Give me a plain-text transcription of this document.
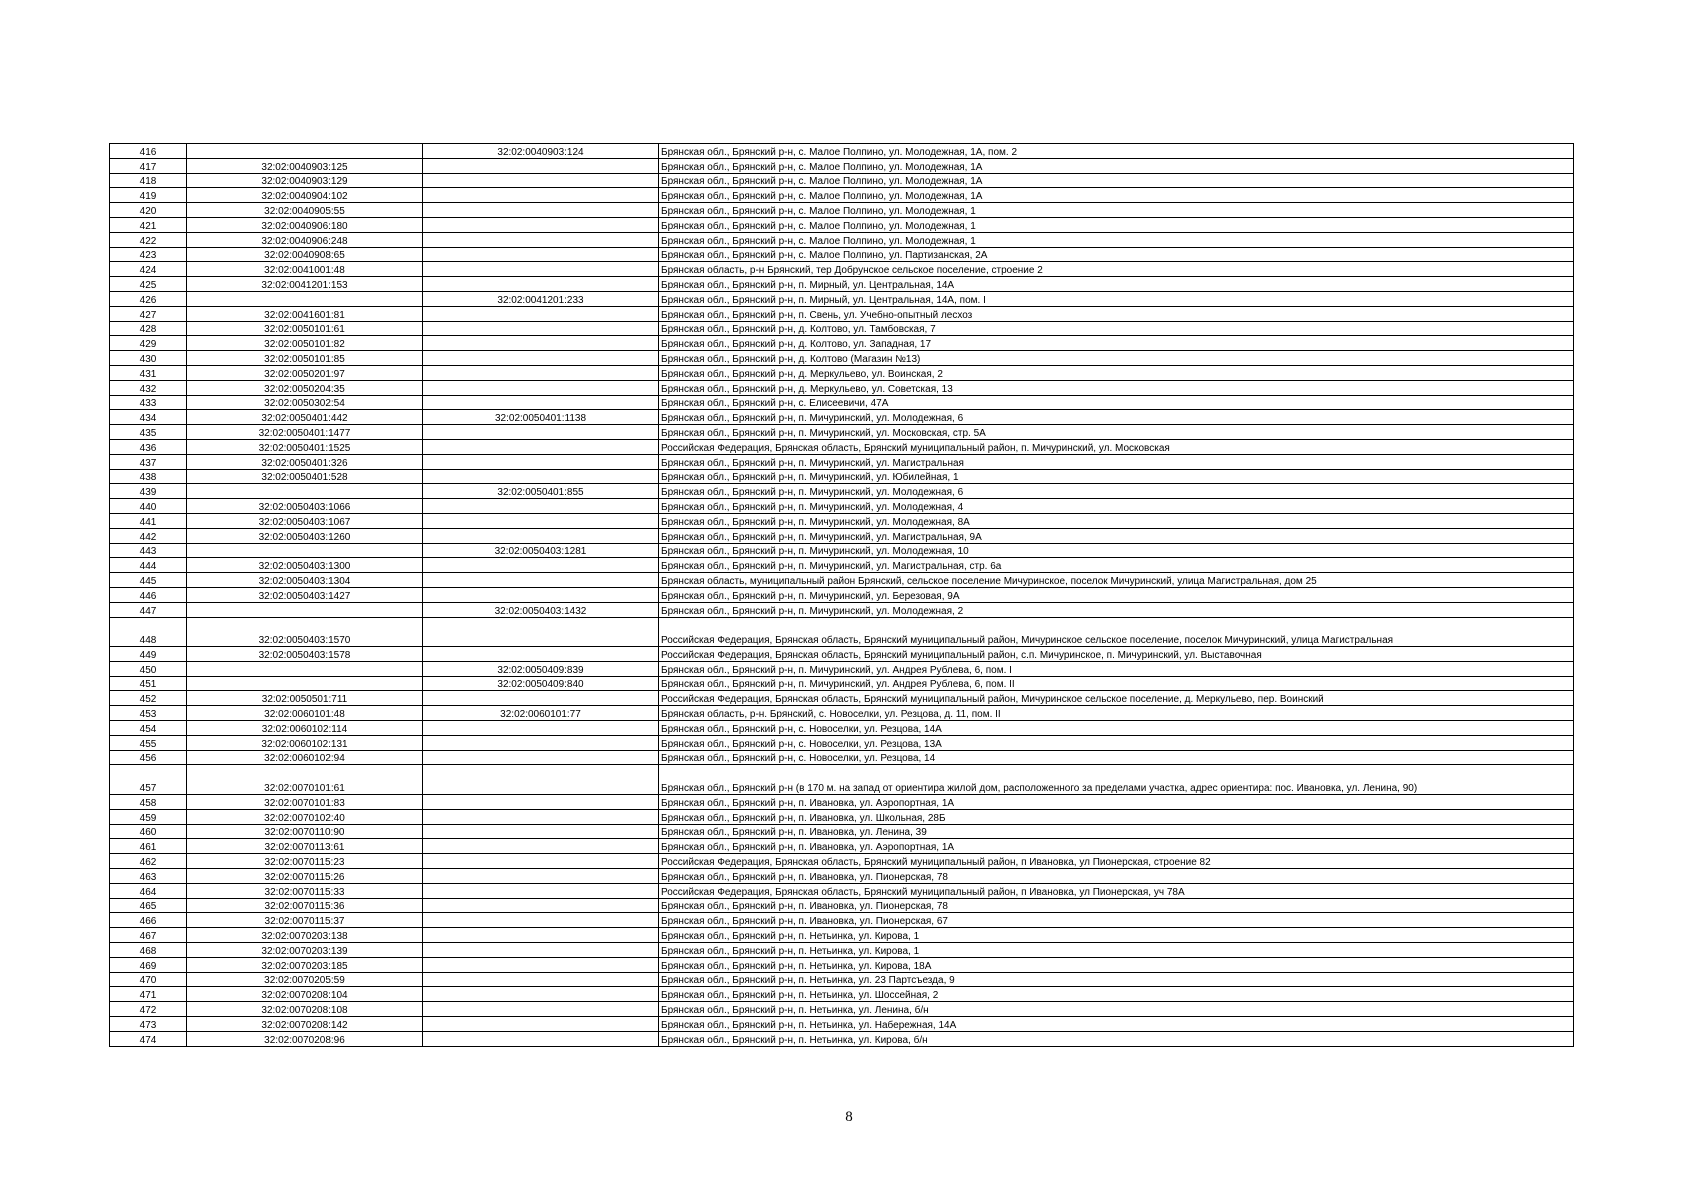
416		32:02:0040903:124	Брянская обл., Брянский р-н, с. Малое Полпино, ул. Молодежная, 1А, пом. 2
417	32:02:0040903:125		Брянская обл., Брянский р-н, с. Малое Полпино, ул. Молодежная, 1А
418	32:02:0040903:129		Брянская обл., Брянский р-н, с. Малое Полпино, ул. Молодежная, 1А
419	32:02:0040904:102		Брянская обл., Брянский р-н, с. Малое Полпино, ул. Молодежная, 1А
420	32:02:0040905:55		Брянская обл., Брянский р-н, с. Малое Полпино, ул. Молодежная, 1
421	32:02:0040906:180		Брянская обл., Брянский р-н, с. Малое Полпино, ул. Молодежная, 1
422	32:02:0040906:248		Брянская обл., Брянский р-н, с. Малое Полпино, ул. Молодежная, 1
423	32:02:0040908:65		Брянская обл., Брянский р-н, с. Малое Полпино, ул. Партизанская, 2А
424	32:02:0041001:48		Брянская область, р-н Брянский, тер Добрунское сельское поселение, строение 2
425	32:02:0041201:153		Брянская обл., Брянский р-н, п. Мирный, ул. Центральная, 14А
426		32:02:0041201:233	Брянская обл., Брянский р-н, п. Мирный, ул. Центральная, 14А, пом. I
427	32:02:0041601:81		Брянская обл., Брянский р-н, п. Свень, ул. Учебно-опытный лесхоз
428	32:02:0050101:61		Брянская обл., Брянский р-н, д. Колтово, ул. Тамбовская, 7
429	32:02:0050101:82		Брянская обл., Брянский р-н, д. Колтово, ул. Западная, 17
430	32:02:0050101:85		Брянская обл., Брянский р-н, д. Колтово (Магазин №13)
431	32:02:0050201:97		Брянская обл., Брянский р-н, д. Меркульево, ул. Воинская, 2
432	32:02:0050204:35		Брянская обл., Брянский р-н, д. Меркульево, ул. Советская, 13
433	32:02:0050302:54		Брянская обл., Брянский р-н, с. Елисеевичи, 47А
434	32:02:0050401:442	32:02:0050401:1138	Брянская обл., Брянский р-н, п. Мичуринский, ул. Молодежная, 6
435	32:02:0050401:1477		Брянская обл., Брянский р-н, п. Мичуринский, ул. Московская, стр. 5А
436	32:02:0050401:1525		Российская Федерация, Брянская область, Брянский муниципальный район, п. Мичуринский, ул. Московская
437	32:02:0050401:326		Брянская обл., Брянский р-н, п. Мичуринский, ул. Магистральная
438	32:02:0050401:528		Брянская обл., Брянский р-н, п. Мичуринский, ул. Юбилейная, 1
439		32:02:0050401:855	Брянская обл., Брянский р-н, п. Мичуринский, ул. Молодежная, 6
440	32:02:0050403:1066		Брянская обл., Брянский р-н, п. Мичуринский, ул. Молодежная, 4
441	32:02:0050403:1067		Брянская обл., Брянский р-н, п. Мичуринский, ул. Молодежная, 8А
442	32:02:0050403:1260		Брянская обл., Брянский р-н, п. Мичуринский, ул. Магистральная, 9А
443		32:02:0050403:1281	Брянская обл., Брянский р-н, п. Мичуринский, ул. Молодежная, 10
444	32:02:0050403:1300		Брянская обл., Брянский р-н, п. Мичуринский, ул. Магистральная, стр. 6а
445	32:02:0050403:1304		Брянская область, муниципальный район Брянский, сельское поселение Мичуринское, поселок Мичуринский, улица Магистральная, дом 25
446	32:02:0050403:1427		Брянская обл., Брянский р-н, п. Мичуринский, ул. Березовая, 9А
447		32:02:0050403:1432	Брянская обл., Брянский р-н, п. Мичуринский, ул. Молодежная, 2
448	32:02:0050403:1570		Российская Федерация, Брянская область, Брянский муниципальный район, Мичуринское сельское поселение, поселок Мичуринский, улица Магистральная
449	32:02:0050403:1578		Российская Федерация, Брянская область, Брянский муниципальный район, с.п. Мичуринское, п. Мичуринский, ул. Выставочная
450		32:02:0050409:839	Брянская обл., Брянский р-н, п. Мичуринский, ул. Андрея Рублева, 6, пом. I
451		32:02:0050409:840	Брянская обл., Брянский р-н, п. Мичуринский, ул. Андрея Рублева, 6, пом. II
452	32:02:0050501:711		Российская Федерация, Брянская область, Брянский муниципальный район, Мичуринское сельское поселение, д. Меркульево, пер. Воинский
453	32:02:0060101:48	32:02:0060101:77	Брянская область, р-н. Брянский, с. Новоселки, ул. Резцова, д. 11, пом. II
454	32:02:0060102:114		Брянская обл., Брянский р-н, с. Новоселки, ул. Резцова, 14А
455	32:02:0060102:131		Брянская обл., Брянский р-н, с. Новоселки, ул. Резцова, 13А
456	32:02:0060102:94		Брянская обл., Брянский р-н, с. Новоселки, ул. Резцова, 14
457	32:02:0070101:61		Брянская обл., Брянский р-н (в 170 м. на запад от ориентира жилой дом, расположенного за пределами участка, адрес ориентира: пос. Ивановка, ул. Ленина, 90)
458	32:02:0070101:83		Брянская обл., Брянский р-н, п. Ивановка, ул. Аэропортная, 1А
459	32:02:0070102:40		Брянская обл., Брянский р-н, п. Ивановка, ул. Школьная, 28Б
460	32:02:0070110:90		Брянская обл., Брянский р-н, п. Ивановка, ул. Ленина, 39
461	32:02:0070113:61		Брянская обл., Брянский р-н, п. Ивановка, ул. Аэропортная, 1А
462	32:02:0070115:23		Российская Федерация, Брянская область, Брянский муниципальный район, п Ивановка, ул Пионерская, строение 82
463	32:02:0070115:26		Брянская обл., Брянский р-н, п. Ивановка, ул. Пионерская, 78
464	32:02:0070115:33		Российская Федерация, Брянская область, Брянский муниципальный район, п Ивановка, ул Пионерская, уч 78А
465	32:02:0070115:36		Брянская обл., Брянский р-н, п. Ивановка, ул. Пионерская, 78
466	32:02:0070115:37		Брянская обл., Брянский р-н, п. Ивановка, ул. Пионерская, 67
467	32:02:0070203:138		Брянская обл., Брянский р-н, п. Нетьинка, ул. Кирова, 1
468	32:02:0070203:139		Брянская обл., Брянский р-н, п. Нетьинка, ул. Кирова, 1
469	32:02:0070203:185		Брянская обл., Брянский р-н, п. Нетьинка, ул. Кирова, 18А
470	32:02:0070205:59		Брянская обл., Брянский р-н, п. Нетьинка, ул. 23 Партсъезда, 9
471	32:02:0070208:104		Брянская обл., Брянский р-н, п. Нетьинка, ул. Шоссейная, 2
472	32:02:0070208:108		Брянская обл., Брянский р-н, п. Нетьинка, ул. Ленина, б/н
473	32:02:0070208:142		Брянская обл., Брянский р-н, п. Нетьинка, ул. Набережная, 14А
474	32:02:0070208:96		Брянская обл., Брянский р-н, п. Нетьинка, ул. Кирова, б/н
8
